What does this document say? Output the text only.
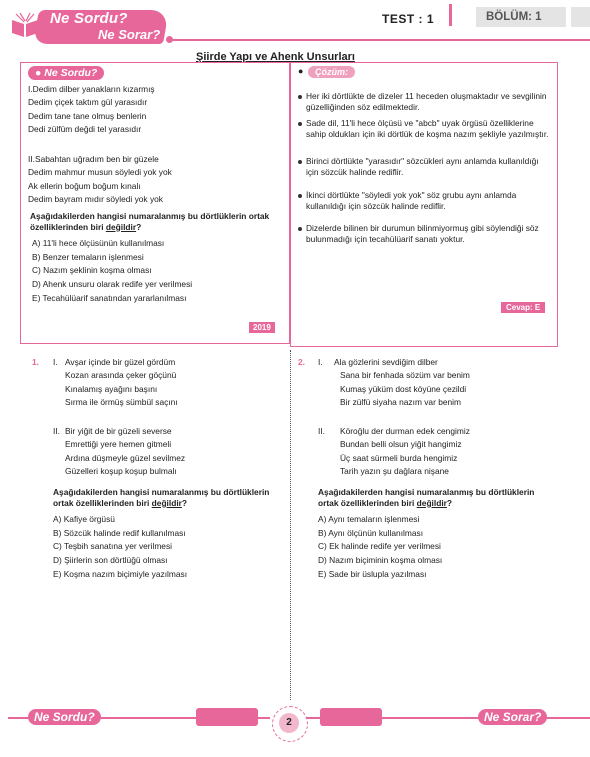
Ne Sordu?
Ne Sorar?
TEST : 1	BÖLÜM: 1
Şiirde Yapı ve Ahenk Unsurları
● Ne Sordu?
I.Dedim dilber yanakların kızarmış
Dedim çiçek taktım gül yarasıdır
Dedim tane tane olmuş benlerin
Dedi zülfüm değdi tel yarasıdır
II.Sabahtan uğradım ben bir güzele
Dedim mahmur musun söyledi yok yok
Ak ellerin boğum boğum kınalı
Dedim bayram mıdır söyledi yok yok
Aşağıdakilerden hangisi numaralanmış bu dörtlüklerin ortak özelliklerinden biri değildir?
A) 11'li hece ölçüsünün kullanılması
B) Benzer temaların işlenmesi
C) Nazım şeklinin koşma olması
D) Ahenk unsuru olarak redife yer verilmesi
E) Tecahülüarif sanatından yararlanılması
2019
●	Çözüm:
Her iki dörtlükte de dizeler 11 heceden oluşmaktadır ve sevgilinin güzelliğinden söz edilmektedir.
Sade dil, 11'li hece ölçüsü ve "abcb" uyak örgüsü özelliklerine sahip oldukları için iki dörtlük de koşma nazım şekliyle yazılmıştır.
Birinci dörtlükte "yarasıdır" sözcükleri aynı anlamda kullanıldığı için sözcük halinde rediflir.
İkinci dörtlükte "söyledi yok yok" söz grubu aynı anlamda kullanıldığı için sözcük halinde rediflir.
Dizelerde bilinen bir durumun bilinmiyormuş gibi söylendiği söz bulunmadığı için tecahülüarif sanatı yoktur.
Cevap: E
1. I. Avşar içinde bir güzel gördüm
Kozan arasında çeker göçünü
Kınalamış ayağını başını
Sırma ile örmüş sümbül saçını
II. Bir yiğit de bir güzeli severse
Emrettiği yere hemen gitmeli
Ardına düşmeyle güzel sevilmez
Güzelleri koşup koşup bulmalı
Aşağıdakilerden hangisi numaralanmış bu dörtlüklerin ortak özelliklerinden biri değildir?
A) Kafiye örgüsü
B) Sözcük halinde redif kullanılması
C) Teşbih sanatına yer verilmesi
D) Şiirlerin son dörtlüğü olması
E) Koşma nazım biçimiyle yazılması
2. I. Ala gözlerini sevdiğim dilber
Sana bir fenhada sözüm var benim
Kumaş yüküm dost köyüne çezildi
Bir zülfü siyaha nazım var benim
II. Köroğlu der durman edek cengimiz
Bundan belli olsun yiğit hangimiz
Üç saat sürmeli burda hengimiz
Tarih yazın şu dağlara nişane
Aşağıdakilerden hangisi numaralanmış bu dörtlüklerin ortak özelliklerinden biri değildir?
A) Aynı temaların işlenmesi
B) Aynı ölçünün kullanılması
C) Ek halinde redife yer verilmesi
D) Nazım biçiminin koşma olması
E) Sade bir üslupla yazılması
Ne Sordu?	Ne Sorar?
2
